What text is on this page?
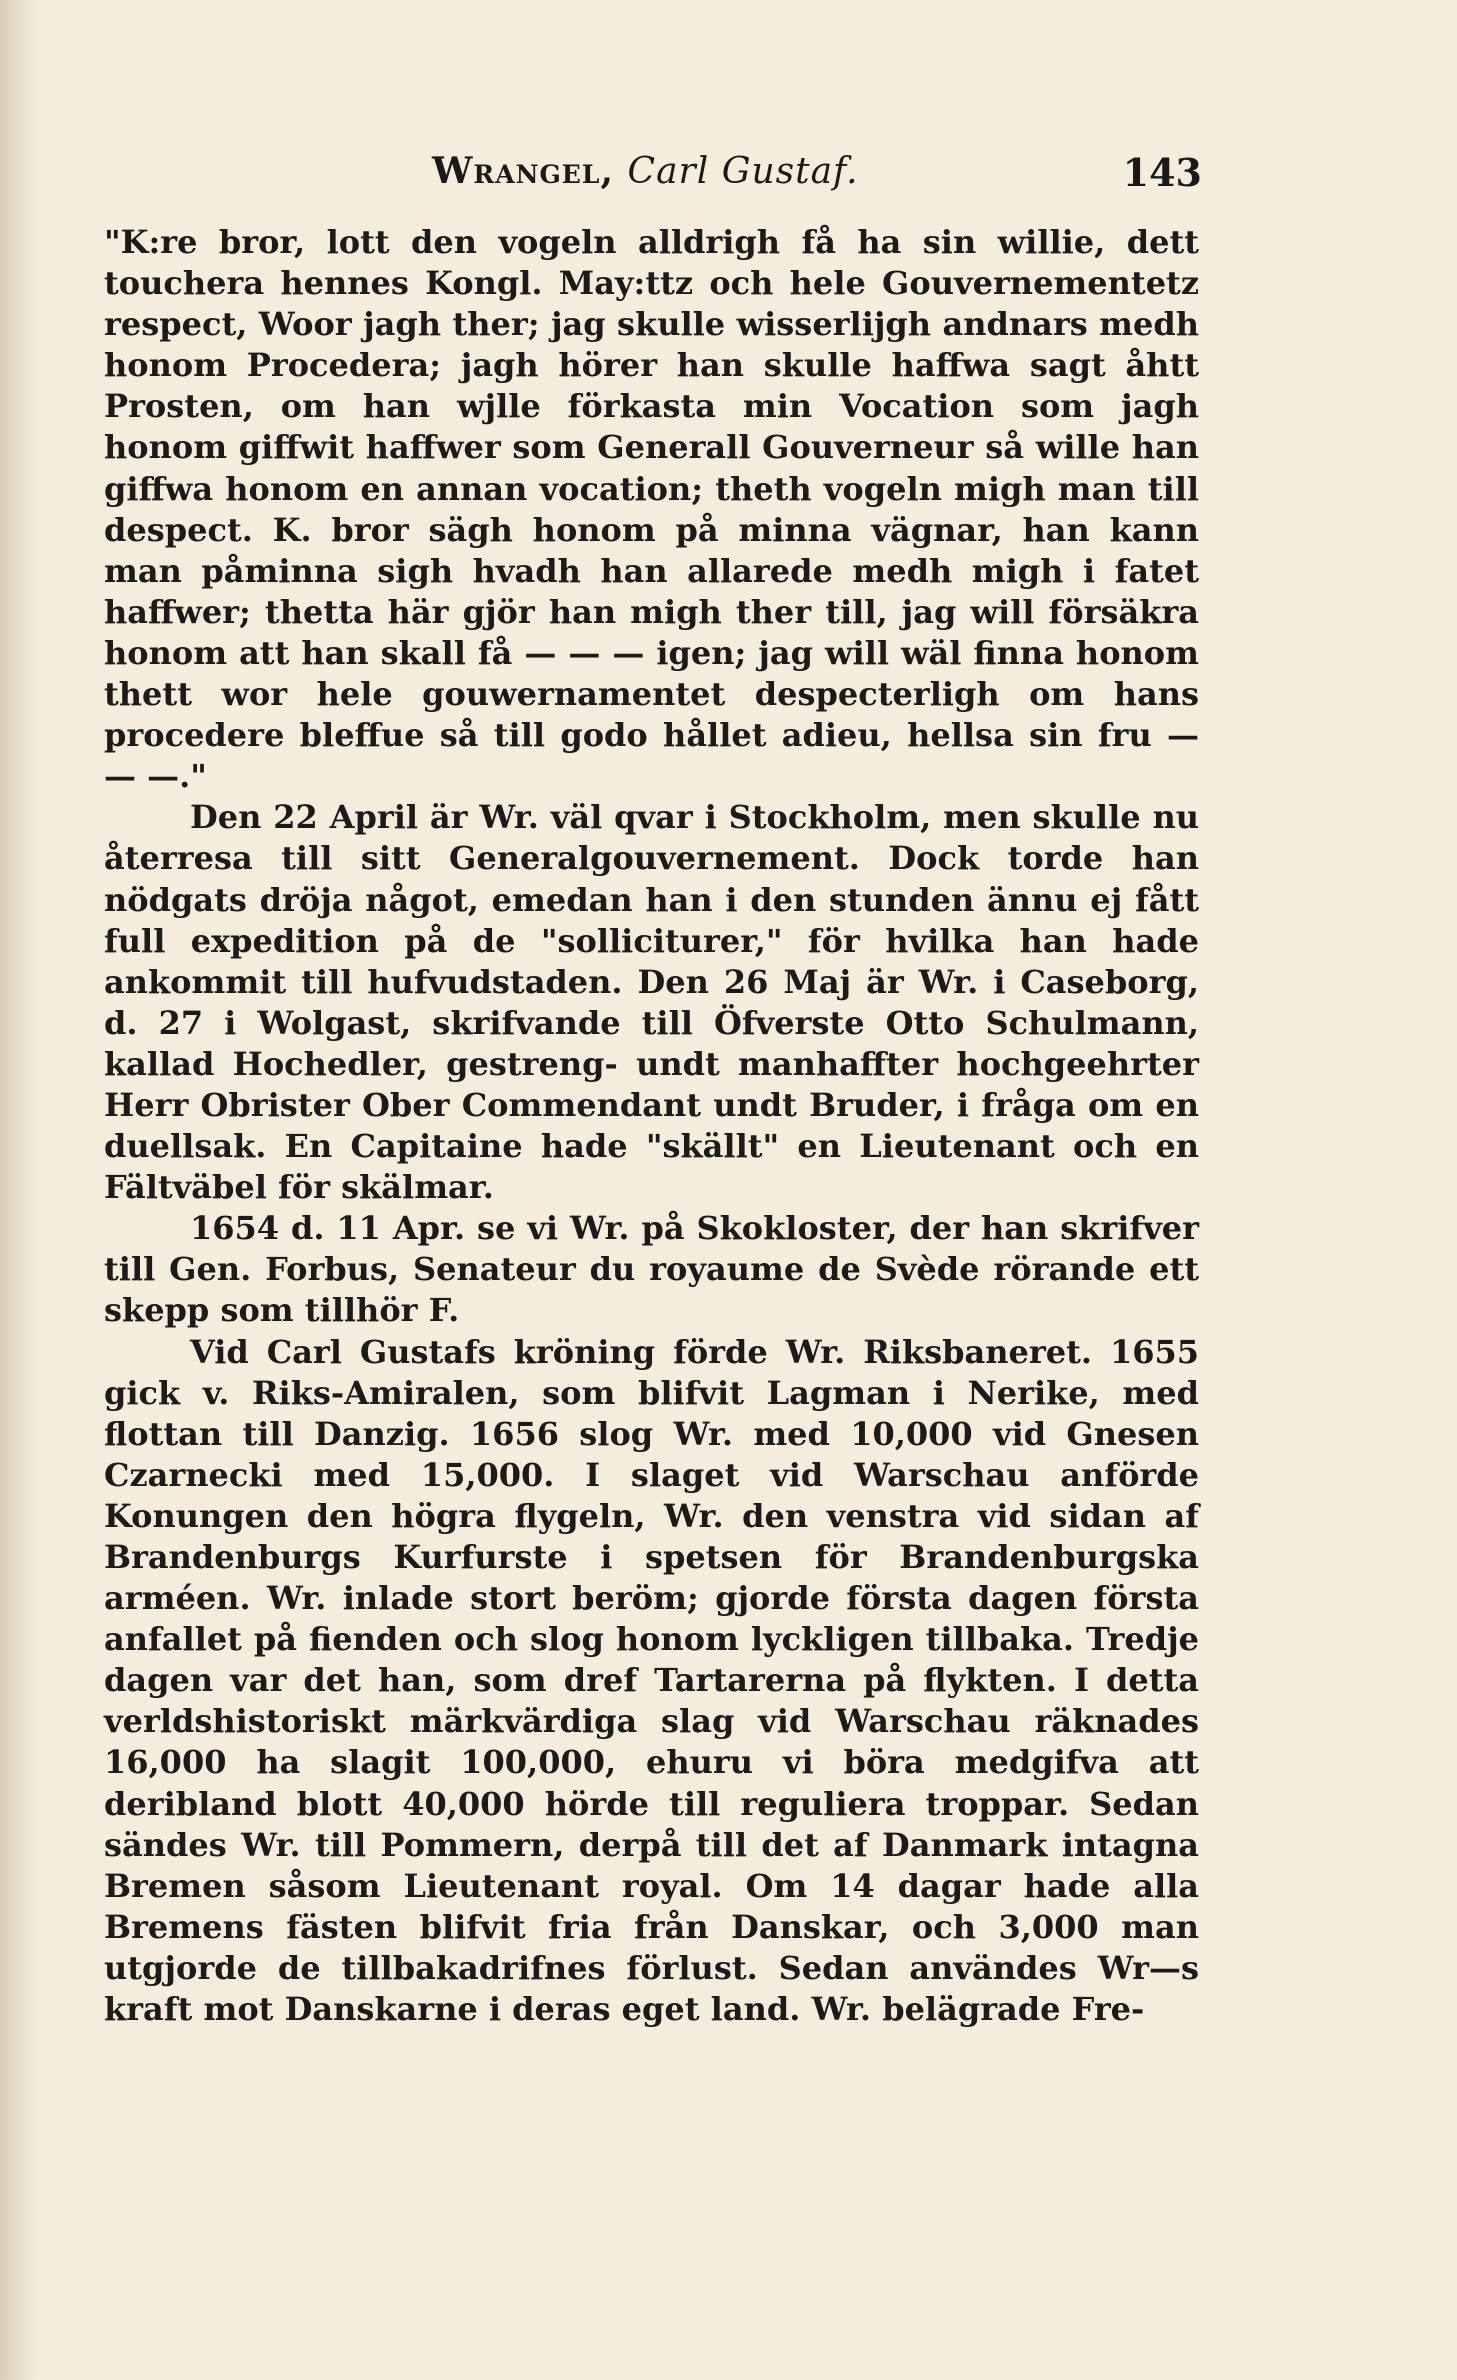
Wrangel, Carl Gustaf.	143

"K:re bror, lott den vogeln alldrigh få ha sin willie, dett touchera hennes Kongl. May:ttz och hele Gouvernementetz respect, Woor jagh ther; jag skulle wisserlijgh andnars medh honom Procedera; jagh hörer han skulle haffwa sagt åhtt Prosten, om han wjlle förkasta min Vocation som jagh honom giffwit haffwer som Generall Gouverneur så wille han giffwa honom en annan vocation; theth vogeln migh man till despect. K. bror sägh honom på minna vägnar, han kann man påminna sigh hvadh han allarede medh migh i fatet haffwer; thetta här gjör han migh ther till, jag will försäkra honom att han skall få — — — igen; jag will wäl finna honom thett wor hele gouwernamentet despecterligh om hans procedere bleffue så till godo hållet adieu, hellsa sin fru — — —."

Den 22 April är Wr. väl qvar i Stockholm, men skulle nu återresa till sitt Generalgouvernement. Dock torde han nödgats dröja något, emedan han i den stunden ännu ej fått full expedition på de "solliciturer," för hvilka han hade ankommit till hufvudstaden. Den 26 Maj är Wr. i Caseborg, d. 27 i Wolgast, skrifvande till Öfverste Otto Schulmann, kallad Hochedler, gestreng- undt manhaffter hochgeehrter Herr Obrister Ober Commendant undt Bruder, i fråga om en duellsak. En Capitaine hade "skällt" en Lieutenant och en Fältväbel för skälmar.

1654 d. 11 Apr. se vi Wr. på Skokloster, der han skrifver till Gen. Forbus, Senateur du royaume de Svède rörande ett skepp som tillhör F.

Vid Carl Gustafs kröning förde Wr. Riksbaneret. 1655 gick v. Riks-Amiralen, som blifvit Lagman i Nerike, med flottan till Danzig. 1656 slog Wr. med 10,000 vid Gnesen Czarnecki med 15,000. I slaget vid Warschau anförde Konungen den högra flygeln, Wr. den venstra vid sidan af Brandenburgs Kurfurste i spetsen för Brandenburgska arméen. Wr. inlade stort beröm; gjorde första dagen första anfallet på fienden och slog honom lyckligen tillbaka. Tredje dagen var det han, som dref Tartarerna på flykten. I detta verldshistoriskt märkvärdiga slag vid Warschau räknades 16,000 ha slagit 100,000, ehuru vi böra medgifva att deribland blott 40,000 hörde till reguliera troppar. Sedan sändes Wr. till Pommern, derpå till det af Danmark intagna Bremen såsom Lieutenant royal. Om 14 dagar hade alla Bremens fästen blifvit fria från Danskar, och 3,000 man utgjorde de tillbakadrifnes förlust. Sedan användes Wr—s kraft mot Danskarne i deras eget land. Wr. belägrade Fre-
